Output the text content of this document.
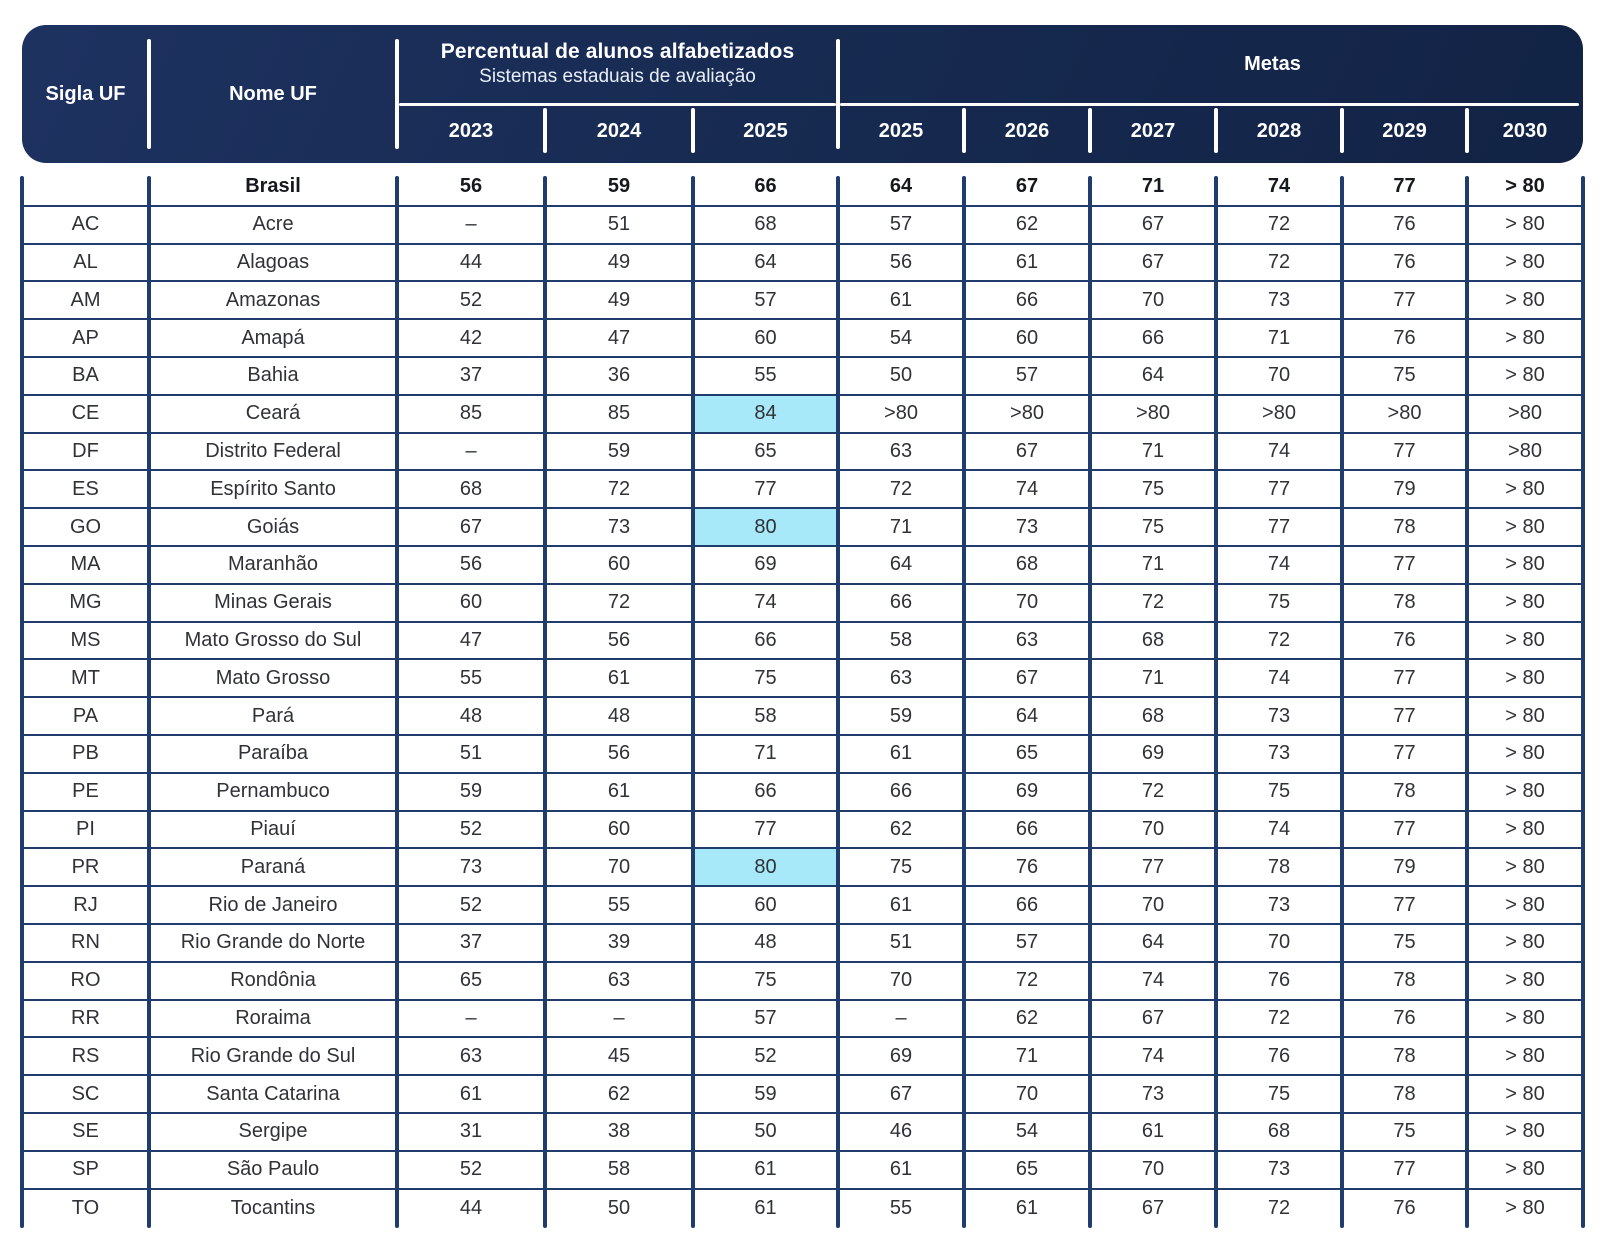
Sigla UF	Nome UF
Percentual de alunos alfabetizados
Sistemas estaduais de avaliação
Metas
2023	2024	2025	2025	2026	2027	2028	2029	2030
Brasil	56	59	66	64	67	71	74	77	> 80
AC	Acre	–	51	68	57	62	67	72	76	> 80
AL	Alagoas	44	49	64	56	61	67	72	76	> 80
AM	Amazonas	52	49	57	61	66	70	73	77	> 80
AP	Amapá	42	47	60	54	60	66	71	76	> 80
BA	Bahia	37	36	55	50	57	64	70	75	> 80
CE	Ceará	85	85	84	>80	>80	>80	>80	>80	>80
DF	Distrito Federal	–	59	65	63	67	71	74	77	>80
ES	Espírito Santo	68	72	77	72	74	75	77	79	> 80
GO	Goiás	67	73	80	71	73	75	77	78	> 80
MA	Maranhão	56	60	69	64	68	71	74	77	> 80
MG	Minas Gerais	60	72	74	66	70	72	75	78	> 80
MS	Mato Grosso do Sul	47	56	66	58	63	68	72	76	> 80
MT	Mato Grosso	55	61	75	63	67	71	74	77	> 80
PA	Pará	48	48	58	59	64	68	73	77	> 80
PB	Paraíba	51	56	71	61	65	69	73	77	> 80
PE	Pernambuco	59	61	66	66	69	72	75	78	> 80
PI	Piauí	52	60	77	62	66	70	74	77	> 80
PR	Paraná	73	70	80	75	76	77	78	79	> 80
RJ	Rio de Janeiro	52	55	60	61	66	70	73	77	> 80
RN	Rio Grande do Norte	37	39	48	51	57	64	70	75	> 80
RO	Rondônia	65	63	75	70	72	74	76	78	> 80
RR	Roraima	–	–	57	–	62	67	72	76	> 80
RS	Rio Grande do Sul	63	45	52	69	71	74	76	78	> 80
SC	Santa Catarina	61	62	59	67	70	73	75	78	> 80
SE	Sergipe	31	38	50	46	54	61	68	75	> 80
SP	São Paulo	52	58	61	61	65	70	73	77	> 80
TO	Tocantins	44	50	61	55	61	67	72	76	> 80
